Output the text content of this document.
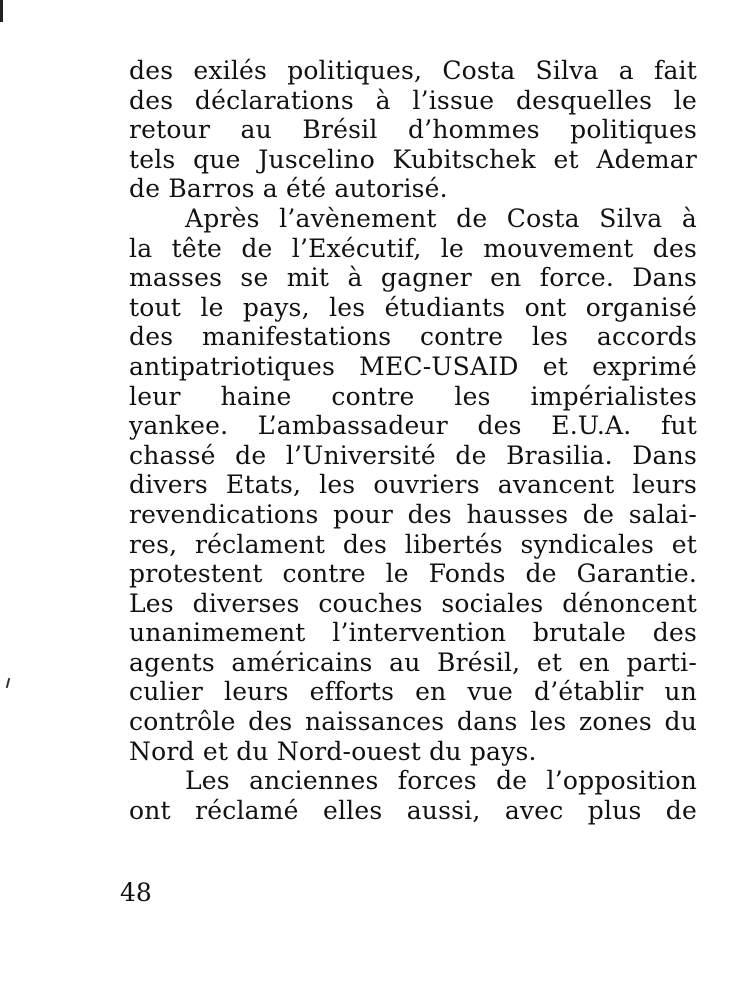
des exilés politiques, Costa Silva a fait
des déclarations à l’issue desquelles le
retour au Brésil d’hommes politiques
tels que Juscelino Kubitschek et Ademar
de Barros a été autorisé.
Après l’avènement de Costa Silva à
la tête de l’Exécutif, le mouvement des
masses se mit à gagner en force. Dans
tout le pays, les étudiants ont organisé
des manifestations contre les accords
antipatriotiques MEC-USAID et exprimé
leur haine contre les impérialistes
yankee. L’ambassadeur des E.U.A. fut
chassé de l’Université de Brasilia. Dans
divers Etats, les ouvriers avancent leurs
revendications pour des hausses de salai-
res, réclament des libertés syndicales et
protestent contre le Fonds de Garantie.
Les diverses couches sociales dénoncent
unanimement l’intervention brutale des
agents américains au Brésil, et en parti-
culier leurs efforts en vue d’établir un
contrôle des naissances dans les zones du
Nord et du Nord-ouest du pays.
Les anciennes forces de l’opposition
ont réclamé elles aussi, avec plus de
48
